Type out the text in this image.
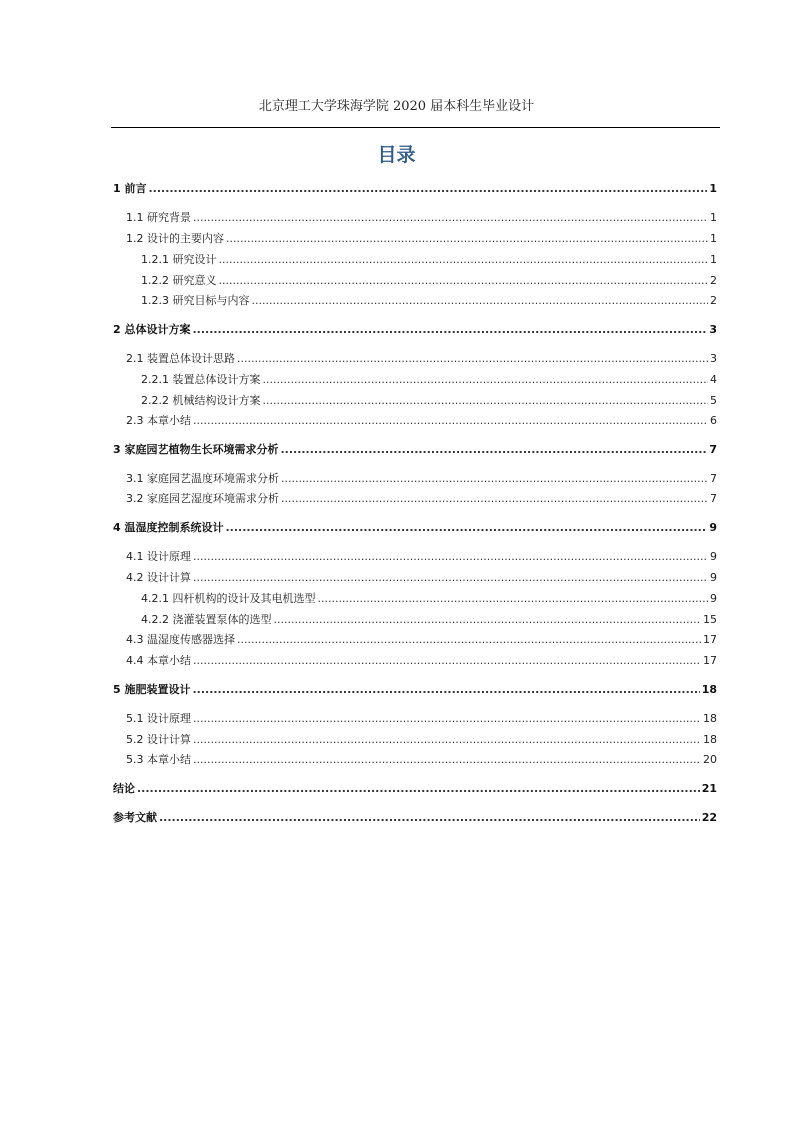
北京理工大学珠海学院 2020 届本科生毕业设计
目录
1 前言 .....	1
1.1 研究背景 .....	1
1.2 设计的主要内容 .....	1
1.2.1 研究设计 .....	1
1.2.2 研究意义 .....	2
1.2.3 研究目标与内容 .....	2
2 总体设计方案 .....	3
2.1 装置总体设计思路 .....	3
2.2.1 装置总体设计方案 .....	4
2.2.2 机械结构设计方案 .....	5
2.3 本章小结 .....	6
3 家庭园艺植物生长环境需求分析 .....	7
3.1 家庭园艺温度环境需求分析 .....	7
3.2 家庭园艺湿度环境需求分析 .....	7
4 温湿度控制系统设计 .....	9
4.1 设计原理 .....	9
4.2 设计计算 .....	9
4.2.1 四杆机构的设计及其电机选型 .....	9
4.2.2 浇灌装置泵体的选型 .....	15
4.3 温湿度传感器选择 .....	17
4.4 本章小结 .....	17
5 施肥装置设计 .....	18
5.1 设计原理 .....	18
5.2 设计计算 .....	18
5.3 本章小结 .....	20
结论 .....	21
参考文献 .....	22
